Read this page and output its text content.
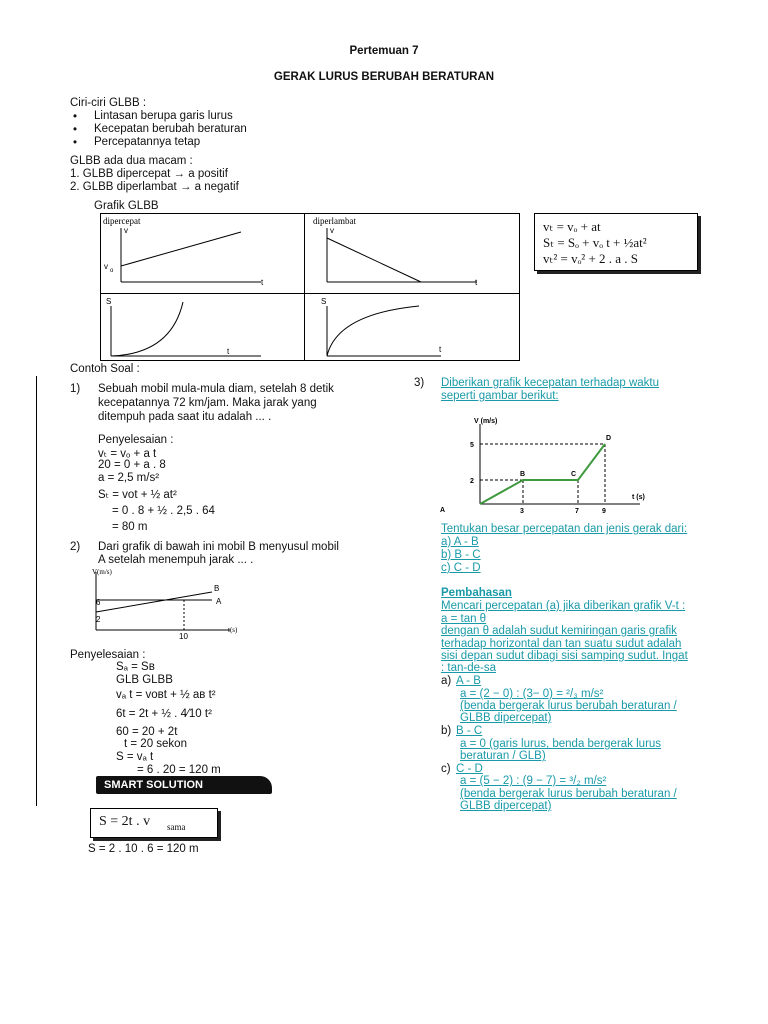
Pertemuan 7
GERAK LURUS BERUBAH BERATURAN
Ciri-ciri GLBB :
• Lintasan berupa garis lurus
• Kecepatan berubah beraturan
• Percepatannya tetap
GLBB ada dua macam :
1. GLBB dipercepat → a positif
2. GLBB diperlambat → a negatif
Grafik GLBB
dipercepat
v
v o
t
diperlambat
v
t
S
t
S
t
vₜ = vₒ + at
Sₜ = Sₒ + vₒ t + ½at²
vₜ² = vₒ² + 2 . a . S
Contoh Soal :
1) Sebuah mobil mula-mula diam, setelah 8 detik
kecepatannya 72 km/jam. Maka jarak yang
ditempuh pada saat itu adalah ... .
Penyelesaian :
vₜ = vₒ + a t
20 = 0 + a . 8
a = 2,5 m/s²
Sₜ = vot + ½ at²
= 0 . 8 + ½ . 2,5 . 64
= 80 m
2) Dari grafik di bawah ini mobil B menyusul mobil
A setelah menempuh jarak ... .
V(m/s)
t(s)
6
2
10
A
B
Penyelesaian :
Sₐ = Sʙ
GLB GLBB
vₐ t = voʙt + ½ aʙ t²
6t = 2t + ½ . 4⁄10 t²
60 = 20 + 2t
t = 20 sekon
S = vₐ t
= 6 . 20 = 120 m
SMART SOLUTION
S = 2t . v sama
S = 2 . 10 . 6 = 120 m
3) Diberikan grafik kecepatan terhadap waktu
seperti gambar berikut:
V (m/s)
t (s)
5
2
3	7	9
A
B	C
D
Tentukan besar percepatan dan jenis gerak dari:
a) A - B
b) B - C
c) C - D
Pembahasan
Mencari percepatan (a) jika diberikan grafik V-t :
a = tan θ
dengan θ adalah sudut kemiringan garis grafik
terhadap horizontal dan tan suatu sudut adalah
sisi depan sudut dibagi sisi samping sudut. Ingat
: tan-de-sa
a) A - B
a = (2 − 0) : (3− 0) = ²/₃ m/s²
(benda bergerak lurus berubah beraturan /
GLBB dipercepat)
b) B - C
a = 0 (garis lurus, benda bergerak lurus
beraturan / GLB)
c) C - D
a = (5 − 2) : (9 − 7) = ³/₂ m/s²
(benda bergerak lurus berubah beraturan /
GLBB dipercepat)
